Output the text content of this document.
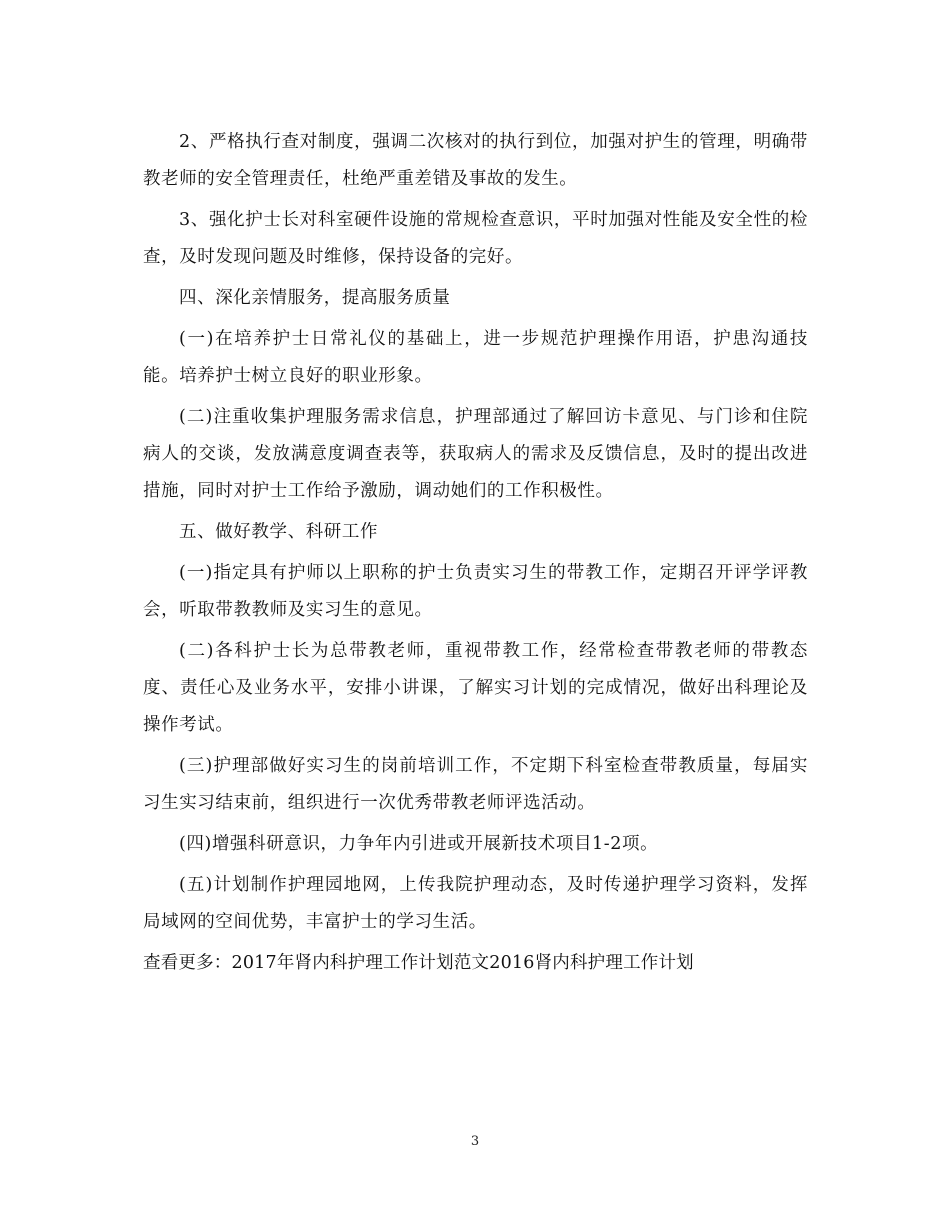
2、严格执行查对制度，强调二次核对的执行到位，加强对护生的管理，明确带教老师的安全管理责任，杜绝严重差错及事故的发生。

3、强化护士长对科室硬件设施的常规检查意识，平时加强对性能及安全性的检查，及时发现问题及时维修，保持设备的完好。

四、深化亲情服务，提高服务质量

(一)在培养护士日常礼仪的基础上，进一步规范护理操作用语，护患沟通技能。培养护士树立良好的职业形象。

(二)注重收集护理服务需求信息，护理部通过了解回访卡意见、与门诊和住院病人的交谈，发放满意度调查表等，获取病人的需求及反馈信息，及时的提出改进措施，同时对护士工作给予激励，调动她们的工作积极性。

五、做好教学、科研工作

(一)指定具有护师以上职称的护士负责实习生的带教工作，定期召开评学评教会，听取带教教师及实习生的意见。

(二)各科护士长为总带教老师，重视带教工作，经常检查带教老师的带教态度、责任心及业务水平，安排小讲课，了解实习计划的完成情况，做好出科理论及操作考试。

(三)护理部做好实习生的岗前培训工作，不定期下科室检查带教质量，每届实习生实习结束前，组织进行一次优秀带教老师评选活动。

(四)增强科研意识，力争年内引进或开展新技术项目1-2项。

(五)计划制作护理园地网，上传我院护理动态，及时传递护理学习资料，发挥局域网的空间优势，丰富护士的学习生活。

查看更多：2017年肾内科护理工作计划范文2016肾内科护理工作计划

3
